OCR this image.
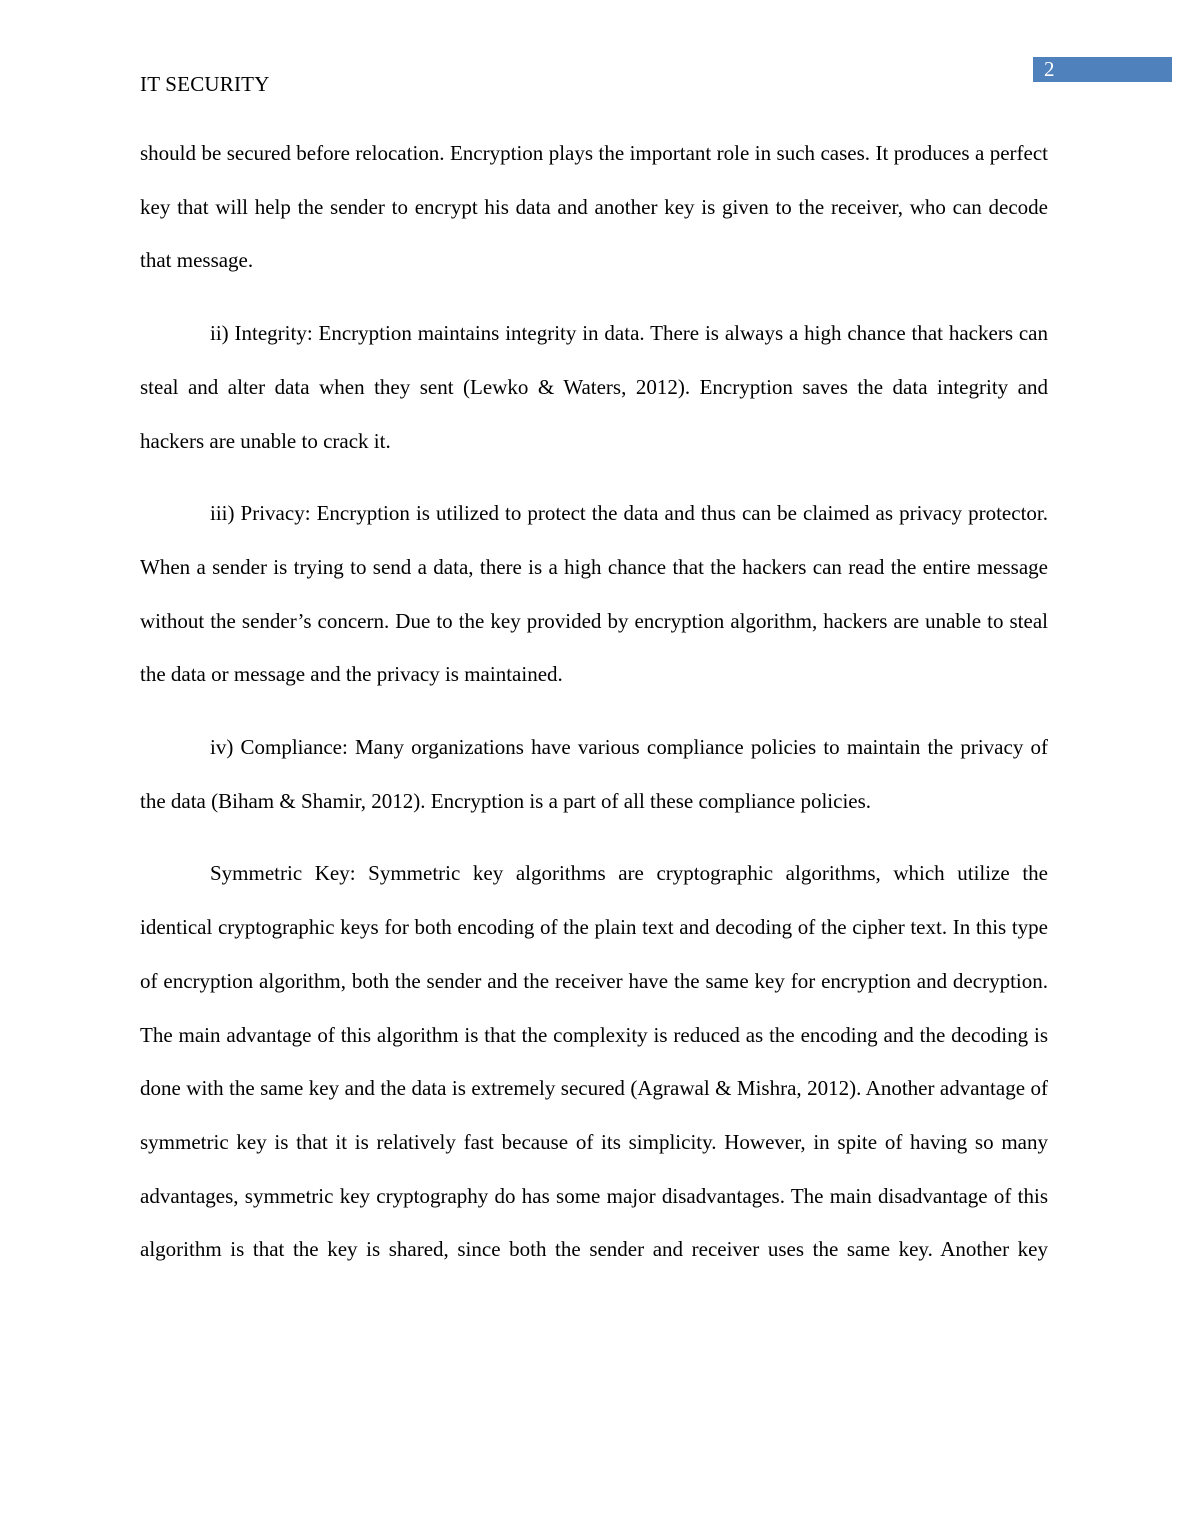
2
IT SECURITY

should be secured before relocation. Encryption plays the important role in such cases. It produces a perfect key that will help the sender to encrypt his data and another key is given to the receiver, who can decode that message.

ii) Integrity: Encryption maintains integrity in data. There is always a high chance that hackers can steal and alter data when they sent (Lewko & Waters, 2012). Encryption saves the data integrity and hackers are unable to crack it.

iii) Privacy: Encryption is utilized to protect the data and thus can be claimed as privacy protector. When a sender is trying to send a data, there is a high chance that the hackers can read the entire message without the sender’s concern. Due to the key provided by encryption algorithm, hackers are unable to steal the data or message and the privacy is maintained.

iv) Compliance: Many organizations have various compliance policies to maintain the privacy of the data (Biham & Shamir, 2012). Encryption is a part of all these compliance policies.

Symmetric Key: Symmetric key algorithms are cryptographic algorithms, which utilize the identical cryptographic keys for both encoding of the plain text and decoding of the cipher text. In this type of encryption algorithm, both the sender and the receiver have the same key for encryption and decryption. The main advantage of this algorithm is that the complexity is reduced as the encoding and the decoding is done with the same key and the data is extremely secured (Agrawal & Mishra, 2012). Another advantage of symmetric key is that it is relatively fast because of its simplicity. However, in spite of having so many advantages, symmetric key cryptography do has some major disadvantages. The main disadvantage of this algorithm is that the key is shared, since both the sender and receiver uses the same key. Another key
